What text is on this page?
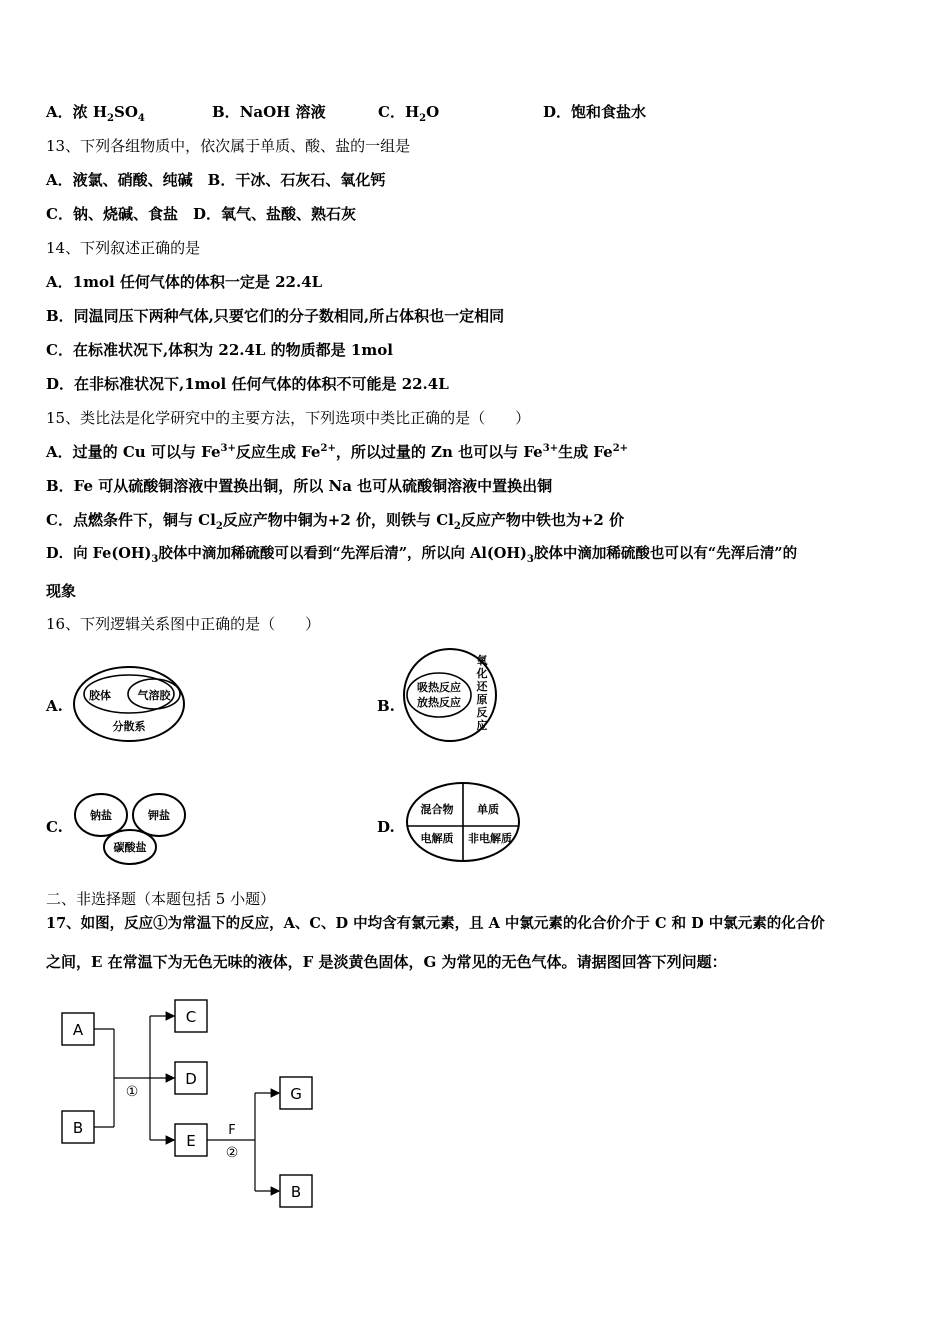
A．浓 $H_2SO_4$	B．NaOH 溶液	C．$H_2O$	D．饱和食盐水
13、下列各组物质中，依次属于单质、酸、盐的一组是
A．液氯、硝酸、纯碱　B．干冰、石灰石、氧化钙
C．钠、烧碱、食盐　D．氧气、盐酸、熟石灰
14、下列叙述正确的是
A．1mol 任何气体的体积一定是 22.4L
B．同温同压下两种气体,只要它们的分子数相同,所占体积也一定相同
C．在标准状况下,体积为 22.4L 的物质都是 1mol
D．在非标准状况下,1mol 任何气体的体积不可能是 22.4L
15、类比法是化学研究中的主要方法，下列选项中类比正确的是（　　）
A．过量的 Cu 可以与 $Fe^{3+}$反应生成 $Fe^{2+}$，所以过量的 Zn 也可以与 $Fe^{3+}$生成 $Fe^{2+}$
B．Fe 可从硫酸铜溶液中置换出铜，所以 Na 也可从硫酸铜溶液中置换出铜
C．点燃条件下，铜与 $Cl_2$反应产物中铜为+2 价，则铁与 $Cl_2$反应产物中铁也为+2 价
D．向 $Fe(OH)_3$胶体中滴加稀硫酸可以看到“先浑后清”，所以向 $Al(OH)_3$胶体中滴加稀硫酸也可以有“先浑后清”的
现象
16、下列逻辑关系图中正确的是（　　）
A.
胶体 气溶胶
分散系
B.
吸热反应
放热反应
氧
化
还
原
反
应
C.
钠盐	钾盐
碳酸盐
D.
混合物 单质
电解质 非电解质
二、非选择题（本题包括 5 小题）
17、如图，反应①为常温下的反应，A、C、D 中均含有氯元素，且 A 中氯元素的化合价介于 C 和 D 中氯元素的化合价
之间，E 在常温下为无色无味的液体，F 是淡黄色固体，G 为常见的无色气体。请据图回答下列问题：
A
B
C
D
E
G
B
①
F
②
